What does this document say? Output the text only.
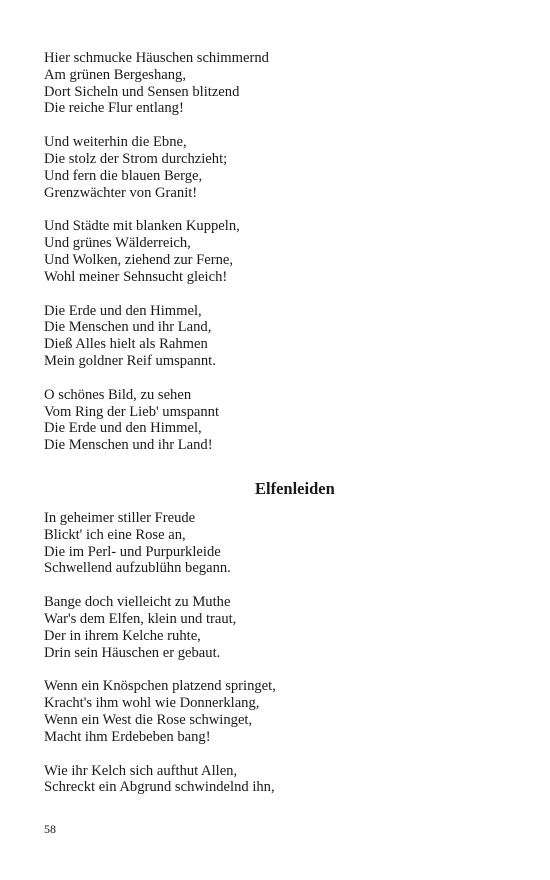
Hier schmucke Häuschen schimmernd
Am grünen Bergeshang,
Dort Sicheln und Sensen blitzend
Die reiche Flur entlang!
Und weiterhin die Ebne,
Die stolz der Strom durchzieht;
Und fern die blauen Berge,
Grenzwächter von Granit!
Und Städte mit blanken Kuppeln,
Und grünes Wälderreich,
Und Wolken, ziehend zur Ferne,
Wohl meiner Sehnsucht gleich!
Die Erde und den Himmel,
Die Menschen und ihr Land,
Dieß Alles hielt als Rahmen
Mein goldner Reif umspannt.
O schönes Bild, zu sehen
Vom Ring der Lieb' umspannt
Die Erde und den Himmel,
Die Menschen und ihr Land!
Elfenleiden
In geheimer stiller Freude
Blickt' ich eine Rose an,
Die im Perl- und Purpurkleide
Schwellend aufzublühn begann.
Bange doch vielleicht zu Muthe
War's dem Elfen, klein und traut,
Der in ihrem Kelche ruhte,
Drin sein Häuschen er gebaut.
Wenn ein Knöspchen platzend springet,
Kracht's ihm wohl wie Donnerklang,
Wenn ein West die Rose schwinget,
Macht ihm Erdebeben bang!
Wie ihr Kelch sich aufthut Allen,
Schreckt ein Abgrund schwindelnd ihn,
58
